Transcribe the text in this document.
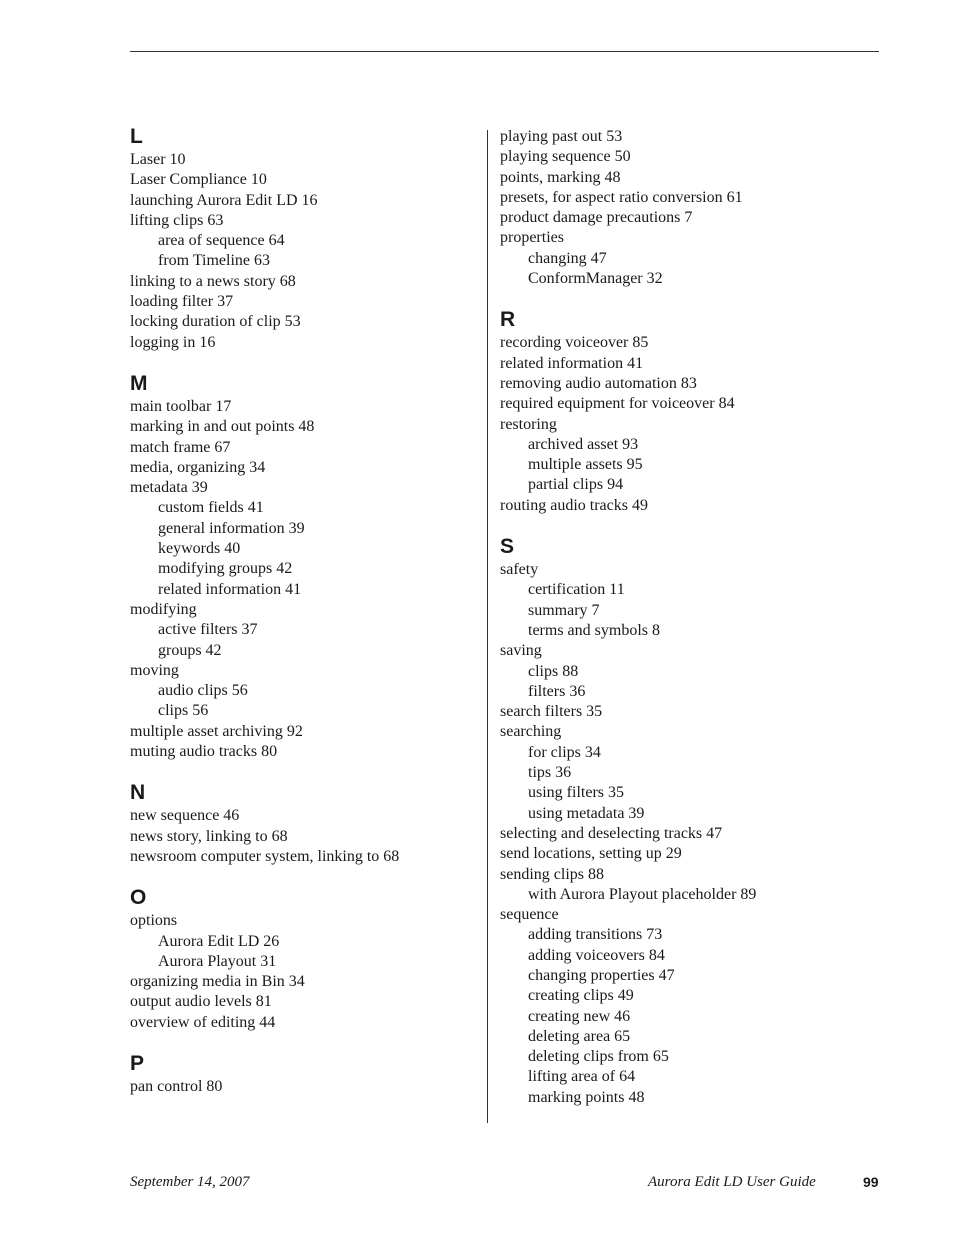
L
Laser 10
Laser Compliance 10
launching Aurora Edit LD 16
lifting clips 63
area of sequence 64
from Timeline 63
linking to a news story 68
loading filter 37
locking duration of clip 53
logging in 16
M
main toolbar 17
marking in and out points 48
match frame 67
media, organizing 34
metadata 39
custom fields 41
general information 39
keywords 40
modifying groups 42
related information 41
modifying
active filters 37
groups 42
moving
audio clips 56
clips 56
multiple asset archiving 92
muting audio tracks 80
N
new sequence 46
news story, linking to 68
newsroom computer system, linking to 68
O
options
Aurora Edit LD 26
Aurora Playout 31
organizing media in Bin 34
output audio levels 81
overview of editing 44
P
pan control 80
playing past out 53
playing sequence 50
points, marking 48
presets, for aspect ratio conversion 61
product damage precautions 7
properties
changing 47
ConformManager 32
R
recording voiceover 85
related information 41
removing audio automation 83
required equipment for voiceover 84
restoring
archived asset 93
multiple assets 95
partial clips 94
routing audio tracks 49
S
safety
certification 11
summary 7
terms and symbols 8
saving
clips 88
filters 36
search filters 35
searching
for clips 34
tips 36
using filters 35
using metadata 39
selecting and deselecting tracks 47
send locations, setting up 29
sending clips 88
with Aurora Playout placeholder 89
sequence
adding transitions 73
adding voiceovers 84
changing properties 47
creating clips 49
creating new 46
deleting area 65
deleting clips from 65
lifting area of 64
marking points 48
September 14, 2007	Aurora Edit LD User Guide	99
